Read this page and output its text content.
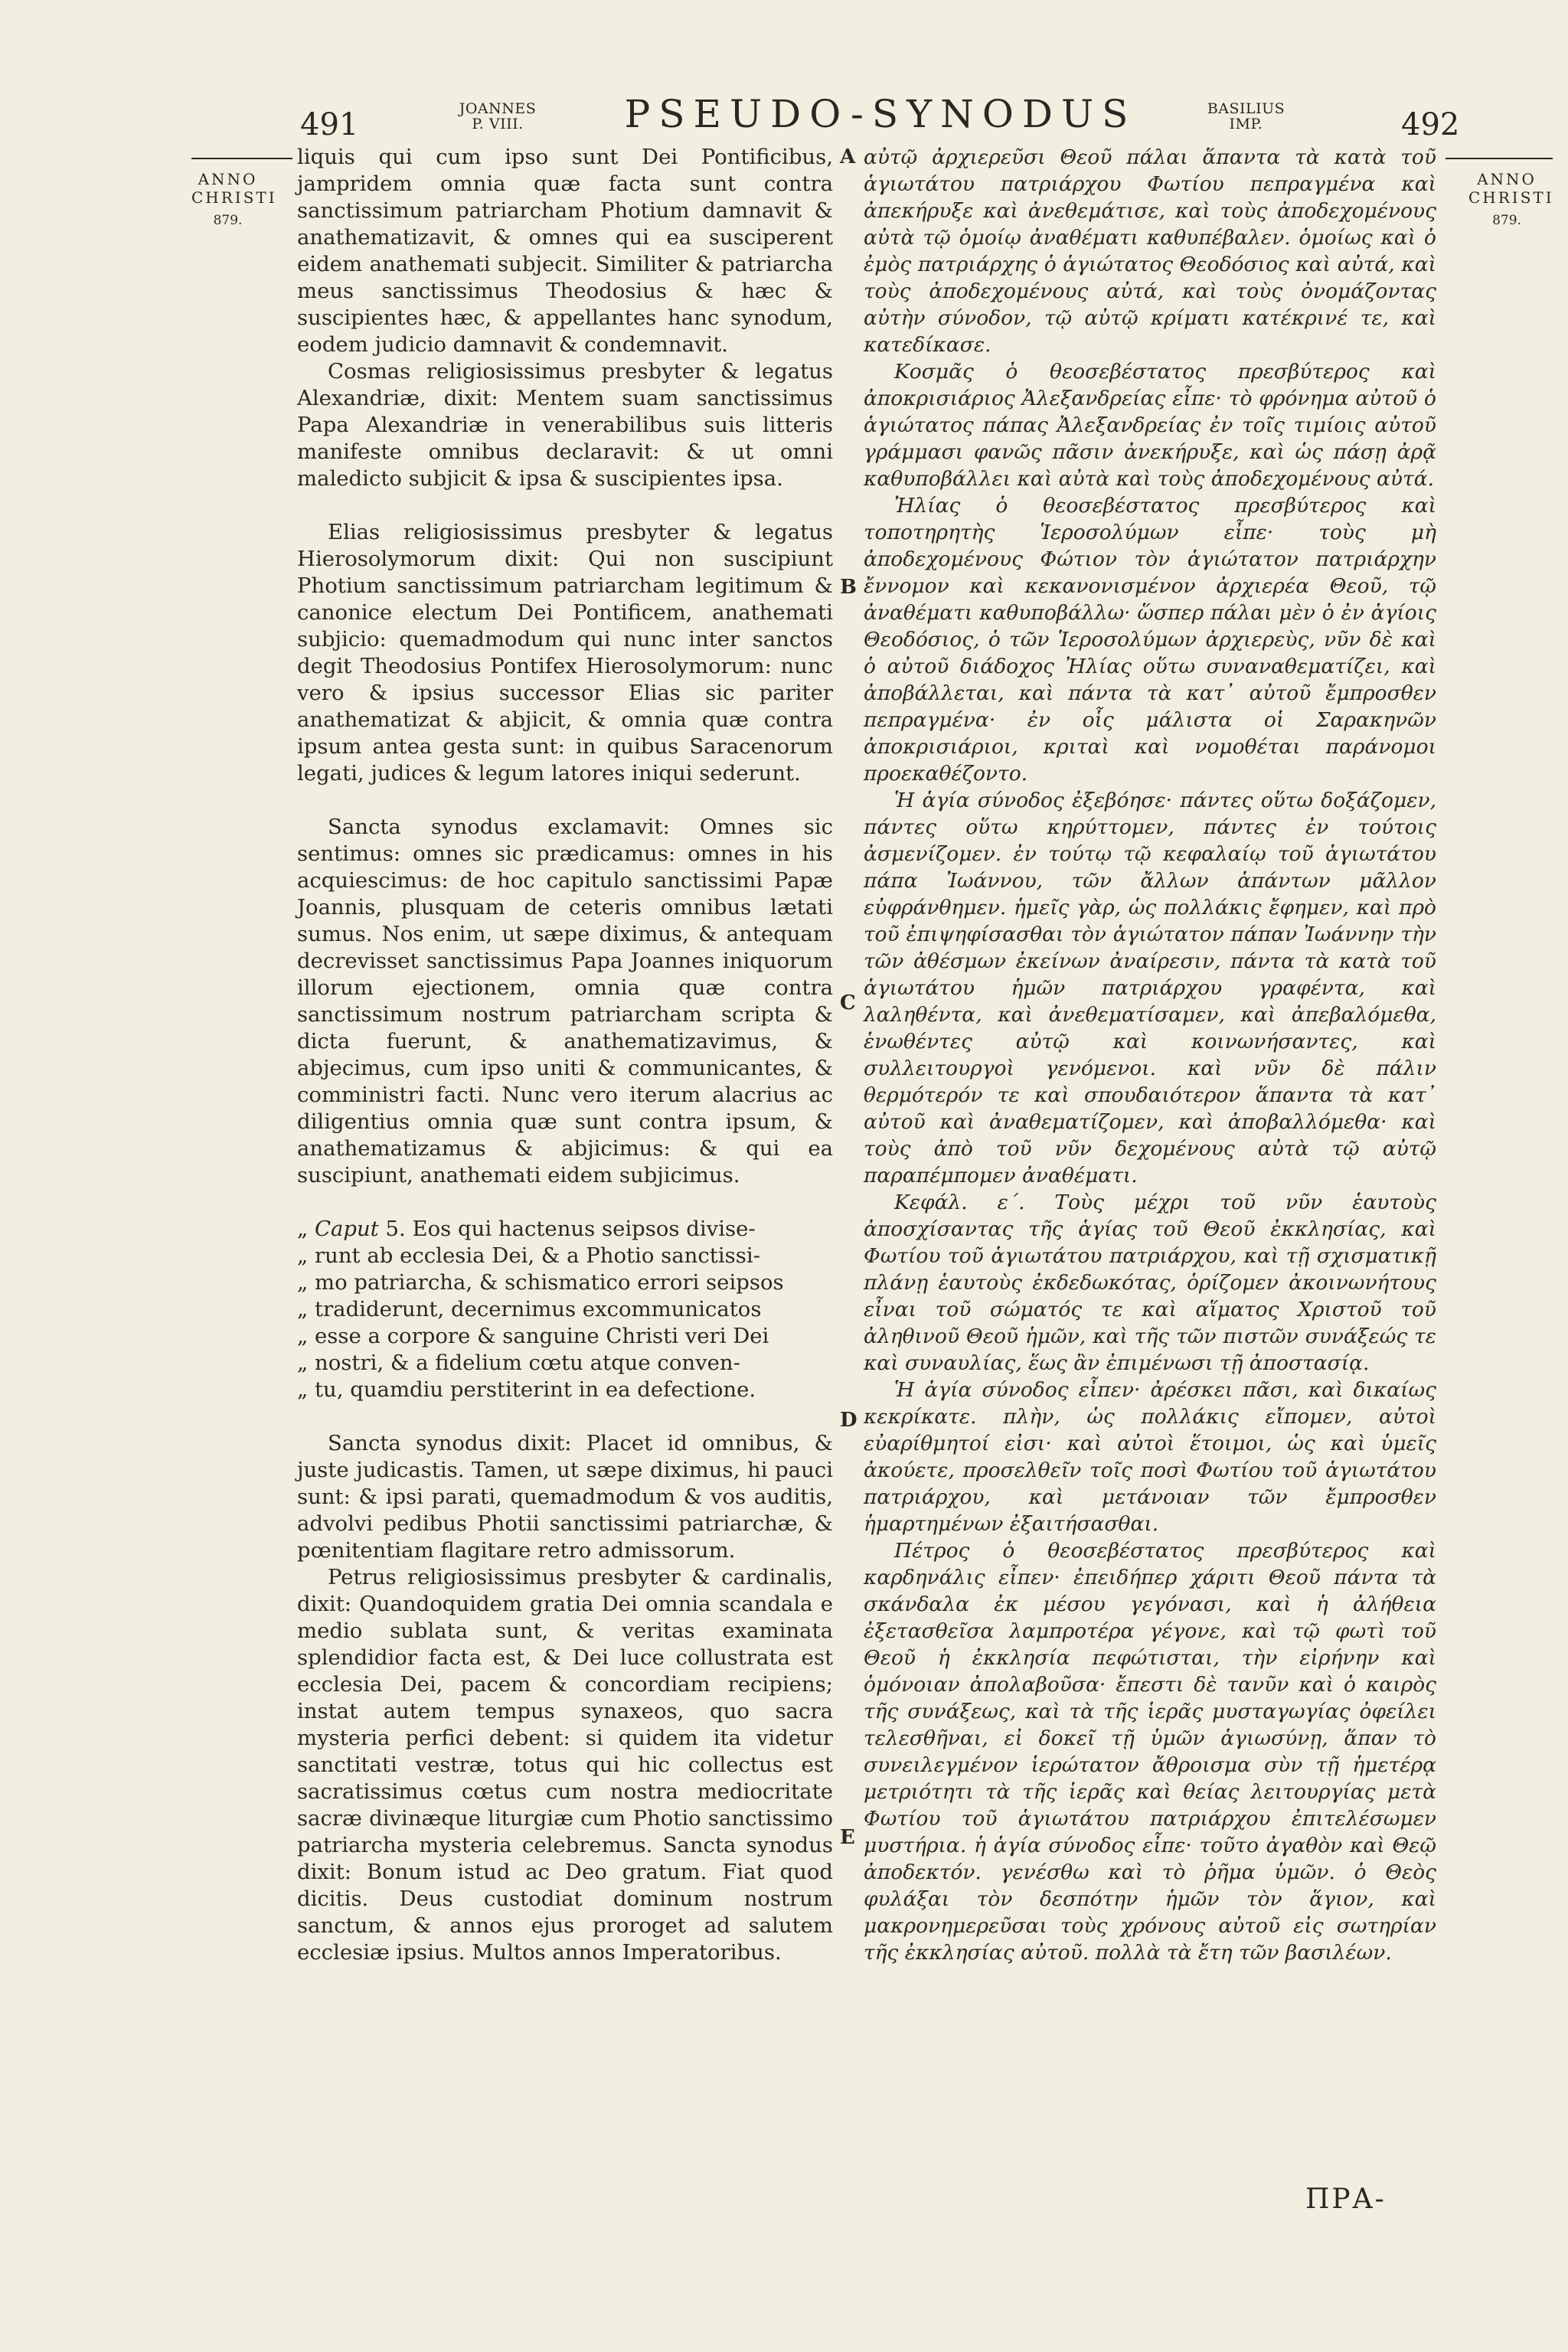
491	492
JOANNES
P. VIII.	PSEUDO-SYNODUS	BASILIUS
IMP.
ANNO
CHRISTI
879.
ANNO
CHRISTI
879.
A
B
C
D
E

liquis qui cum ipso sunt Dei Pontificibus, jampridem omnia quæ facta sunt contra sanctissimum patriarcham Photium damnavit & anathematizavit, & omnes qui ea susciperent eidem anathemati subjecit. Similiter & patriarcha meus sanctissimus Theodosius & hæc & suscipientes hæc, & appellantes hanc synodum, eodem judicio damnavit & condemnavit.

Cosmas religiosissimus presbyter & legatus Alexandriæ, dixit: Mentem suam sanctissimus Papa Alexandriæ in venerabilibus suis litteris manifeste omnibus declaravit: & ut omni maledicto subjicit & ipsa & suscipientes ipsa.

Elias religiosissimus presbyter & legatus Hierosolymorum dixit: Qui non suscipiunt Photium sanctissimum patriarcham legitimum & canonice electum Dei Pontificem, anathemati subjicio: quemadmodum qui nunc inter sanctos degit Theodosius Pontifex Hierosolymorum: nunc vero & ipsius successor Elias sic pariter anathematizat & abjicit, & omnia quæ contra ipsum antea gesta sunt: in quibus Saracenorum legati, judices & legum latores iniqui sederunt.

Sancta synodus exclamavit: Omnes sic sentimus: omnes sic prædicamus: omnes in his acquiescimus: de hoc capitulo sanctissimi Papæ Joannis, plusquam de ceteris omnibus lætati sumus. Nos enim, ut sæpe diximus, & antequam decrevisset sanctissimus Papa Joannes iniquorum illorum ejectionem, omnia quæ contra sanctissimum nostrum patriarcham scripta & dicta fuerunt, & anathematizavimus, & abjecimus, cum ipso uniti & communicantes, & comministri facti. Nunc vero iterum alacrius ac diligentius omnia quæ sunt contra ipsum, & anathematizamus & abjicimus: & qui ea suscipiunt, anathemati eidem subjicimus.

„ Caput 5. Eos qui hactenus seipsos divise-

„ runt ab ecclesia Dei, & a Photio sanctissi-

„ mo patriarcha, & schismatico errori seipsos

„ tradiderunt, decernimus excommunicatos

„ esse a corpore & sanguine Christi veri Dei

„ nostri, & a fidelium cœtu atque conven-

„ tu, quamdiu perstiterint in ea defectione.

Sancta synodus dixit: Placet id omnibus, & juste judicastis. Tamen, ut sæpe diximus, hi pauci sunt: & ipsi parati, quemadmodum & vos auditis, advolvi pedibus Photii sanctissimi patriarchæ, & pœnitentiam flagitare retro admissorum.

Petrus religiosissimus presbyter & cardinalis, dixit: Quandoquidem gratia Dei omnia scandala e medio sublata sunt, & veritas examinata splendidior facta est, & Dei luce collustrata est ecclesia Dei, pacem & concordiam recipiens; instat autem tempus synaxeos, quo sacra mysteria perfici debent: si quidem ita videtur sanctitati vestræ, totus qui hic collectus est sacratissimus cœtus cum nostra mediocritate sacræ divinæque liturgiæ cum Photio sanctissimo patriarcha mysteria celebremus. Sancta synodus dixit: Bonum istud ac Deo gratum. Fiat quod dicitis. Deus custodiat dominum nostrum sanctum, & annos ejus proroget ad salutem ecclesiæ ipsius. Multos annos Imperatoribus.

αὐτῷ ἀρχιερεῦσι Θεοῦ πάλαι ἅπαντα τὰ κατὰ τοῦ ἁγιωτάτου πατριάρχου Φωτίου πεπραγμένα καὶ ἀπεκήρυξε καὶ ἀνεθεμάτισε, καὶ τοὺς ἀποδεχομένους αὐτὰ τῷ ὁμοίῳ ἀναθέματι καθυπέβαλεν. ὁμοίως καὶ ὁ ἐμὸς πατριάρχης ὁ ἁγιώτατος Θεοδόσιος καὶ αὐτά, καὶ τοὺς ἀποδεχομένους αὐτά, καὶ τοὺς ὀνομάζοντας αὐτὴν σύνοδον, τῷ αὐτῷ κρίματι κατέκρινέ τε, καὶ κατεδίκασε.

Κοσμᾶς ὁ θεοσεβέστατος πρεσβύτερος καὶ ἀποκρισιάριος Ἀλεξανδρείας εἶπε· τὸ φρόνημα αὐτοῦ ὁ ἁγιώτατος πάπας Ἀλεξανδρείας ἐν τοῖς τιμίοις αὐτοῦ γράμμασι φανῶς πᾶσιν ἀνεκήρυξε, καὶ ὡς πάσῃ ἀρᾷ καθυποβάλλει καὶ αὐτὰ καὶ τοὺς ἀποδεχομένους αὐτά.

Ἠλίας ὁ θεοσεβέστατος πρεσβύτερος καὶ τοποτηρητὴς Ἱεροσολύμων εἶπε· τοὺς μὴ ἀποδεχομένους Φώτιον τὸν ἁγιώτατον πατριάρχην ἔννομον καὶ κεκανονισμένον ἀρχιερέα Θεοῦ, τῷ ἀναθέματι καθυποβάλλω· ὥσπερ πάλαι μὲν ὁ ἐν ἁγίοις Θεοδόσιος, ὁ τῶν Ἱεροσολύμων ἀρχιερεὺς, νῦν δὲ καὶ ὁ αὐτοῦ διάδοχος Ἠλίας οὕτω συναναθεματίζει, καὶ ἀποβάλλεται, καὶ πάντα τὰ κατ᾽ αὐτοῦ ἔμπροσθεν πεπραγμένα· ἐν οἷς μάλιστα οἱ Σαρακηνῶν ἀποκρισιάριοι, κριταὶ καὶ νομοθέται παράνομοι προεκαθέζοντο.

Ἡ ἁγία σύνοδος ἐξεβόησε· πάντες οὕτω δοξάζομεν, πάντες οὕτω κηρύττομεν, πάντες ἐν τούτοις ἀσμενίζομεν. ἐν τούτῳ τῷ κεφαλαίῳ τοῦ ἁγιωτάτου πάπα Ἰωάννου, τῶν ἄλλων ἁπάντων μᾶλλον εὐφράνθημεν. ἡμεῖς γὰρ, ὡς πολλάκις ἔφημεν, καὶ πρὸ τοῦ ἐπιψηφίσασθαι τὸν ἁγιώτατον πάπαν Ἰωάννην τὴν τῶν ἀθέσμων ἐκείνων ἀναίρεσιν, πάντα τὰ κατὰ τοῦ ἁγιωτάτου ἡμῶν πατριάρχου γραφέντα, καὶ λαληθέντα, καὶ ἀνεθεματίσαμεν, καὶ ἀπεβαλόμεθα, ἑνωθέντες αὐτῷ καὶ κοινωνήσαντες, καὶ συλλειτουργοὶ γενόμενοι. καὶ νῦν δὲ πάλιν θερμότερόν τε καὶ σπουδαιότερον ἅπαντα τὰ κατ᾽ αὐτοῦ καὶ ἀναθεματίζομεν, καὶ ἀποβαλλόμεθα· καὶ τοὺς ἀπὸ τοῦ νῦν δεχομένους αὐτὰ τῷ αὐτῷ παραπέμπομεν ἀναθέματι.

Κεφάλ. ε΄. Τοὺς μέχρι τοῦ νῦν ἑαυτοὺς ἀποσχίσαντας τῆς ἁγίας τοῦ Θεοῦ ἐκκλησίας, καὶ Φωτίου τοῦ ἁγιωτάτου πατριάρχου, καὶ τῇ σχισματικῇ πλάνῃ ἑαυτοὺς ἐκδεδωκότας, ὁρίζομεν ἀκοινωνήτους εἶναι τοῦ σώματός τε καὶ αἵματος Χριστοῦ τοῦ ἀληθινοῦ Θεοῦ ἡμῶν, καὶ τῆς τῶν πιστῶν συνάξεώς τε καὶ συναυλίας, ἕως ἂν ἐπιμένωσι τῇ ἀποστασίᾳ.

Ἡ ἁγία σύνοδος εἶπεν· ἀρέσκει πᾶσι, καὶ δικαίως κεκρίκατε. πλὴν, ὡς πολλάκις εἴπομεν, αὐτοὶ εὐαρίθμητοί εἰσι· καὶ αὐτοὶ ἕτοιμοι, ὡς καὶ ὑμεῖς ἀκούετε, προσελθεῖν τοῖς ποσὶ Φωτίου τοῦ ἁγιωτάτου πατριάρχου, καὶ μετάνοιαν τῶν ἔμπροσθεν ἡμαρτημένων ἐξαιτήσασθαι.

Πέτρος ὁ θεοσεβέστατος πρεσβύτερος καὶ καρδηνάλις εἶπεν· ἐπειδήπερ χάριτι Θεοῦ πάντα τὰ σκάνδαλα ἐκ μέσου γεγόνασι, καὶ ἡ ἀλήθεια ἐξετασθεῖσα λαμπροτέρα γέγονε, καὶ τῷ φωτὶ τοῦ Θεοῦ ἡ ἐκκλησία πεφώτισται, τὴν εἰρήνην καὶ ὁμόνοιαν ἀπολαβοῦσα· ἔπεστι δὲ τανῦν καὶ ὁ καιρὸς τῆς συνάξεως, καὶ τὰ τῆς ἱερᾶς μυσταγωγίας ὀφείλει τελεσθῆναι, εἰ δοκεῖ τῇ ὑμῶν ἁγιωσύνῃ, ἅπαν τὸ συνειλεγμένον ἱερώτατον ἄθροισμα σὺν τῇ ἡμετέρᾳ μετριότητι τὰ τῆς ἱερᾶς καὶ θείας λειτουργίας μετὰ Φωτίου τοῦ ἁγιωτάτου πατριάρχου ἐπιτελέσωμεν μυστήρια. ἡ ἁγία σύνοδος εἶπε· τοῦτο ἀγαθὸν καὶ Θεῷ ἀποδεκτόν. γενέσθω καὶ τὸ ῥῆμα ὑμῶν. ὁ Θεὸς φυλάξαι τὸν δεσπότην ἡμῶν τὸν ἅγιον, καὶ μακρονημερεῦσαι τοὺς χρόνους αὐτοῦ εἰς σωτηρίαν τῆς ἐκκλησίας αὐτοῦ. πολλὰ τὰ ἔτη τῶν βασιλέων.

ΠΡΑ-
